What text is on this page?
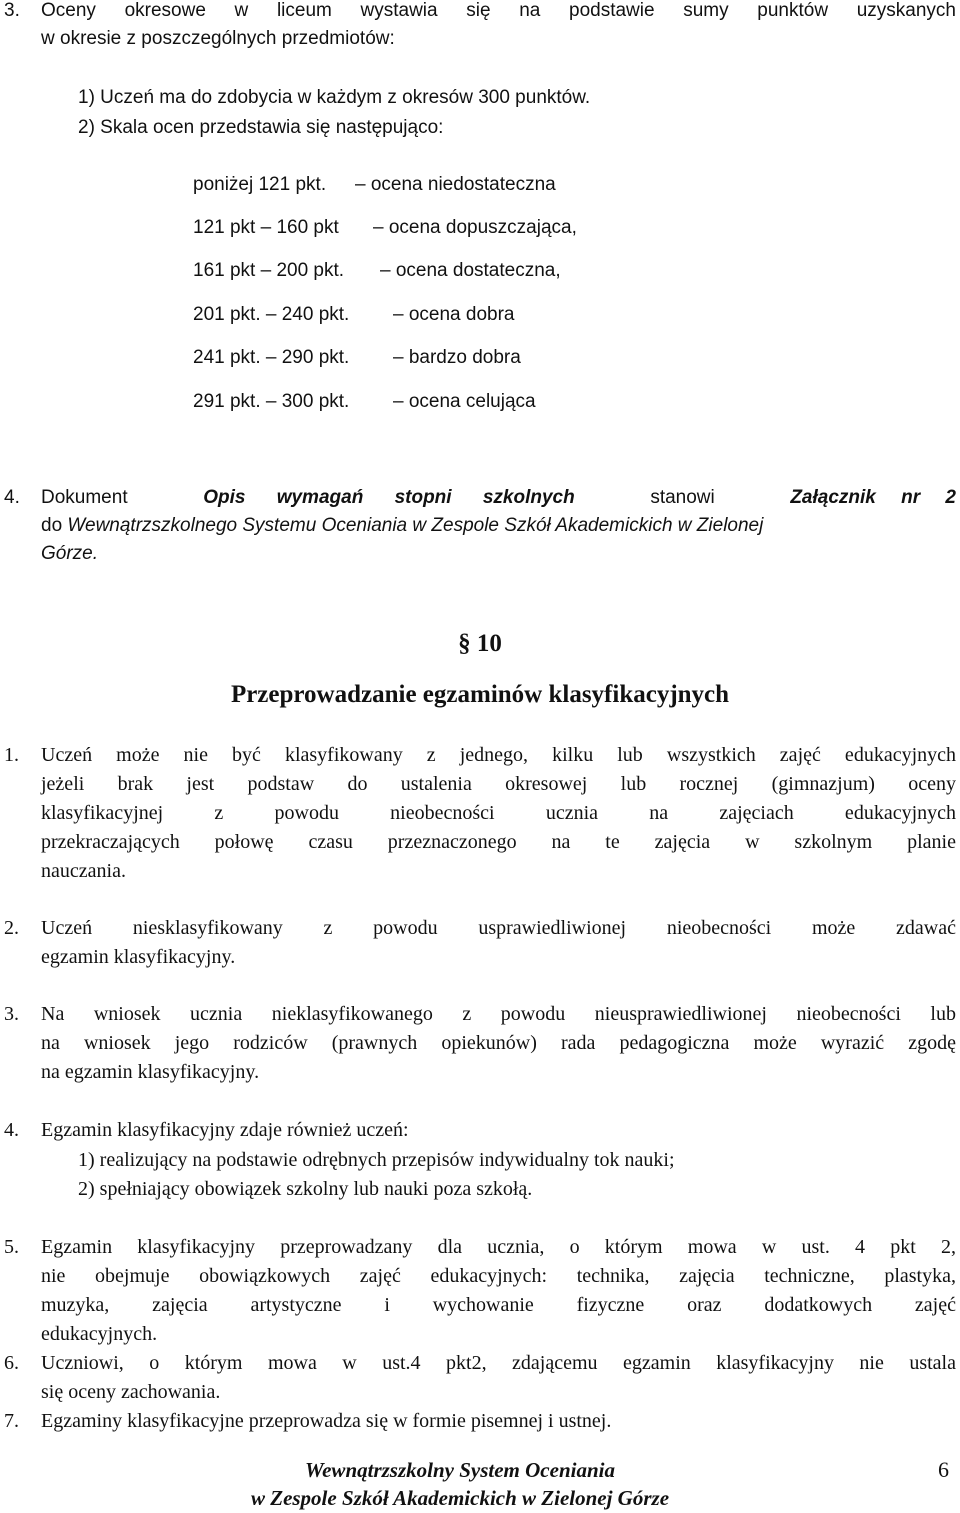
3. Oceny okresowe w liceum wystawia się na podstawie sumy punktów uzyskanych
w okresie z poszczególnych przedmiotów:
1) Uczeń ma do zdobycia w każdym z okresów 300 punktów.
2) Skala ocen przedstawia się następująco:
poniżej 121 pkt. – ocena niedostateczna
121 pkt – 160 pkt – ocena dopuszczająca,
161 pkt – 200 pkt. – ocena dostateczna,
201 pkt. – 240 pkt. – ocena dobra
241 pkt. – 290 pkt. – bardzo dobra
291 pkt. – 300 pkt. – ocena celująca
4. Dokument	Opis wymagań stopni szkolnych	stanowi	Załącznik nr 2
do Wewnątrzszkolnego Systemu Oceniania w Zespole Szkół Akademickich w Zielonej
Górze.
§ 10
Przeprowadzanie egzaminów klasyfikacyjnych
1. Uczeń może nie być klasyfikowany z jednego, kilku lub wszystkich zajęć edukacyjnych
jeżeli brak jest podstaw do ustalenia okresowej lub rocznej (gimnazjum) oceny
klasyfikacyjnej z powodu nieobecności ucznia na zajęciach edukacyjnych
przekraczających połowę czasu przeznaczonego na te zajęcia w szkolnym planie
nauczania.
2. Uczeń niesklasyfikowany z powodu usprawiedliwionej nieobecności może zdawać
egzamin klasyfikacyjny.
3. Na wniosek ucznia nieklasyfikowanego z powodu nieusprawiedliwionej nieobecności lub
na wniosek jego rodziców (prawnych opiekunów) rada pedagogiczna może wyrazić zgodę
na egzamin klasyfikacyjny.
4. Egzamin klasyfikacyjny zdaje również uczeń:
1) realizujący na podstawie odrębnych przepisów indywidualny tok nauki;
2) spełniający obowiązek szkolny lub nauki poza szkołą.
5. Egzamin klasyfikacyjny przeprowadzany dla ucznia, o którym mowa w ust. 4 pkt 2,
nie obejmuje obowiązkowych zajęć edukacyjnych: technika, zajęcia techniczne, plastyka,
muzyka, zajęcia artystyczne i wychowanie fizyczne oraz dodatkowych zajęć
edukacyjnych.
6. Uczniowi, o którym mowa w ust.4 pkt2, zdającemu egzamin klasyfikacyjny nie ustala
się oceny zachowania.
7. Egzaminy klasyfikacyjne przeprowadza się w formie pisemnej i ustnej.
Wewnątrzszkolny System Oceniania
w Zespole Szkół Akademickich w Zielonej Górze
6
